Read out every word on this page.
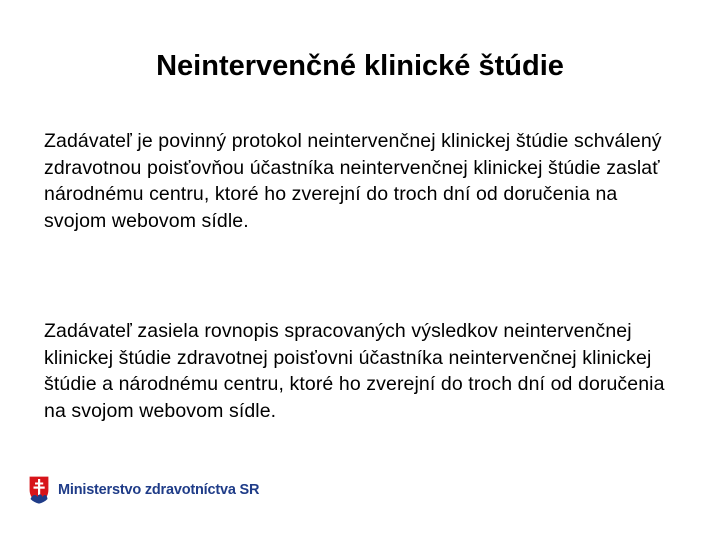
Neintervenčné klinické štúdie

Zadávateľ je povinný protokol neintervenčnej klinickej štúdie schválený zdravotnou poisťovňou účastníka neintervenčnej klinickej štúdie zaslať národnému centru, ktoré ho zverejní do troch dní od doručenia na svojom webovom sídle.

Zadávateľ zasiela rovnopis spracovaných výsledkov neintervenčnej klinickej štúdie zdravotnej poisťovni účastníka neintervenčnej klinickej štúdie a národnému centru, ktoré ho zverejní do troch dní od doručenia na svojom webovom sídle.

Ministerstvo zdravotníctva SR
